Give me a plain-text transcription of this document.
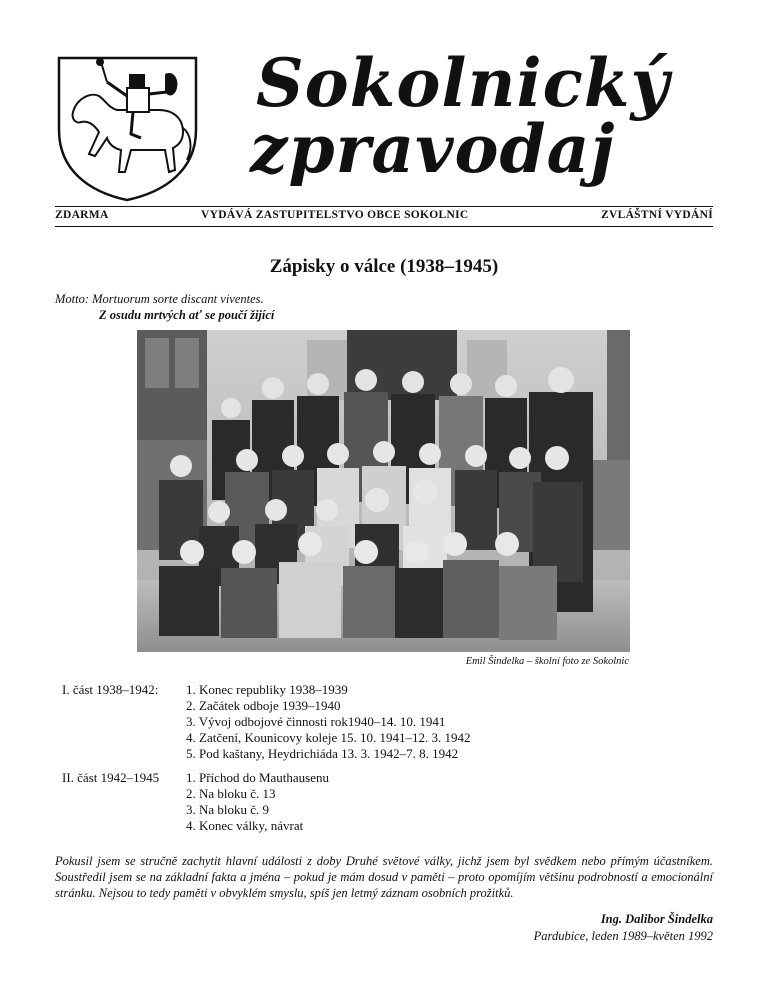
Sokolnický
zpravodaj
ZDARMA	VYDÁVÁ ZASTUPITELSTVO OBCE SOKOLNIC	ZVLÁŠTNÍ VYDÁNÍ
Zápisky o válce (1938–1945)
Motto: Mortuorum sorte discant viventes.
Z osudu mrtvých ať se poučí žijící
Emil Šindelka – školní foto ze Sokolnic
I. část 1938–1942: 1. Konec republiky 1938–1939
2. Začátek odboje 1939–1940
3. Vývoj odbojové činnosti rok1940–14. 10. 1941
4. Zatčení, Kounicovy koleje 15. 10. 1941–12. 3. 1942
5. Pod kaštany, Heydrichiáda 13. 3. 1942–7. 8. 1942
II. část 1942–1945 1. Příchod do Mauthausenu
2. Na bloku č. 13
3. Na bloku č. 9
4. Konec války, návrat
Pokusil jsem se stručně zachytit hlavní události z doby Druhé světové války, jichž jsem byl svědkem nebo přímým účastníkem. Soustředil jsem se na základní fakta a jména – pokud je mám dosud v paměti – proto opomíjím většinu podrobností a emocionální stránku. Nejsou to tedy paměti v obvyklém smyslu, spíš jen letmý záznam osobních prožitků.
Ing. Dalibor Šindelka
Pardubice, leden 1989–květen 1992
